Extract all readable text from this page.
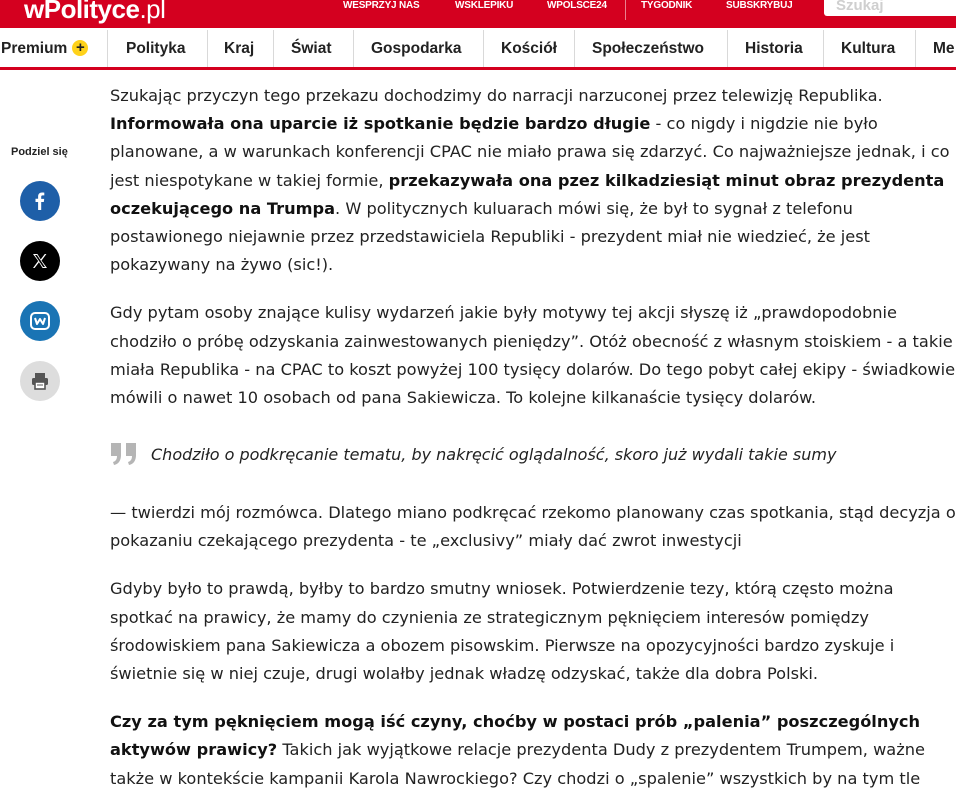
wPolityce.pl	WESPRZYJ NAS	WSKLEPIKU	WPOLSCE24	TYGODNIK	SUBSKRYBUJ
Szukaj
Premium +	Polityka Kraj Świat	Gospodarka	Kościół Społeczeństwo	Historia Kultura Me
Podziel się

Szukając przyczyn tego przekazu dochodzimy do narracji narzuconej przez telewizję Republika.
Informowała ona uparcie iż spotkanie będzie bardzo długie - co nigdy i nigdzie nie było planowane, a w warunkach konferencji CPAC nie miało prawa się zdarzyć. Co najważniejsze jednak, i co jest niespotykane w takiej formie, przekazywała ona pzez kilkadziesiąt minut obraz prezydenta oczekującego na Trumpa. W politycznych kuluarach mówi się, że był to sygnał z telefonu postawionego niejawnie przez przedstawiciela Republiki - prezydent miał nie wiedzieć, że jest pokazywany na żywo (sic!).

Gdy pytam osoby znające kulisy wydarzeń jakie były motywy tej akcji słyszę iż „prawdopodobnie chodziło o próbę odzyskania zainwestowanych pieniędzy”. Otóż obecność z własnym stoiskiem - a takie miała Republika - na CPAC to koszt powyżej 100 tysięcy dolarów. Do tego pobyt całej ekipy - świadkowie mówili o nawet 10 osobach od pana Sakiewicza. To kolejne kilkanaście tysięcy dolarów.

Chodziło o podkręcanie tematu, by nakręcić oglądalność, skoro już wydali takie sumy

— twierdzi mój rozmówca. Dlatego miano podkręcać rzekomo planowany czas spotkania, stąd decyzja o pokazaniu czekającego prezydenta - te „exclusivy” miały dać zwrot inwestycji

Gdyby było to prawdą, byłby to bardzo smutny wniosek. Potwierdzenie tezy, którą często można spotkać na prawicy, że mamy do czynienia ze strategicznym pęknięciem interesów pomiędzy środowiskiem pana Sakiewicza a obozem pisowskim. Pierwsze na opozycyjności bardzo zyskuje i świetnie się w niej czuje, drugi wolałby jednak władzę odzyskać, także dla dobra Polski.

Czy za tym pęknięciem mogą iść czyny, choćby w postaci prób „palenia” poszczególnych aktywów prawicy? Takich jak wyjątkowe relacje prezydenta Dudy z prezydentem Trumpem, ważne także w kontekście kampanii Karola Nawrockiego? Czy chodzi o „spalenie” wszystkich by na tym tle
